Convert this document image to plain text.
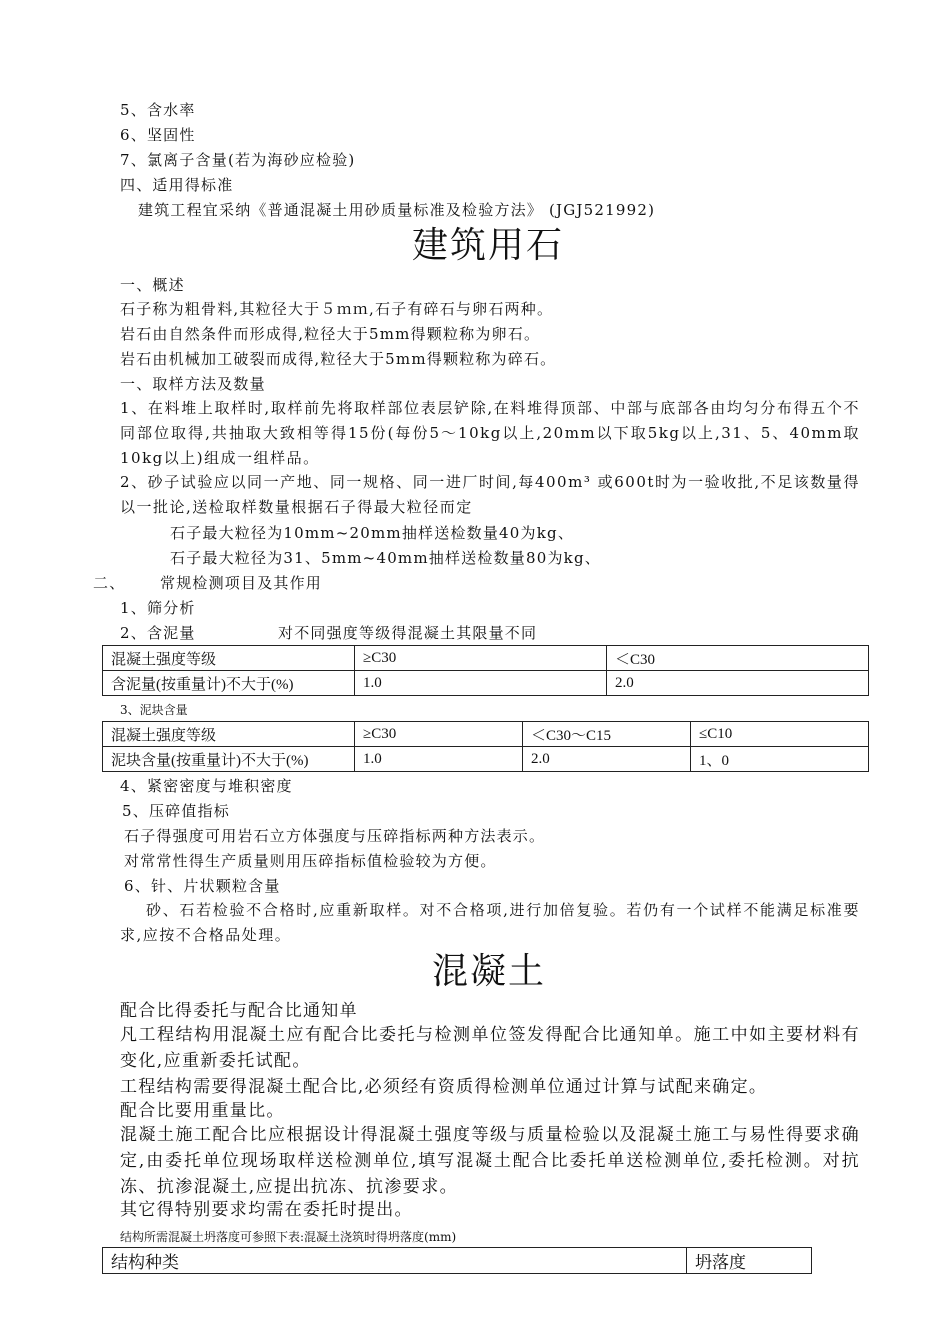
5、含水率
6、坚固性
7、氯离子含量(若为海砂应检验)
四、适用得标准
建筑工程宜采纳《普通混凝土用砂质量标准及检验方法》 (JGJ521992)
建筑用石
一、概述
石子称为粗骨料,其粒径大于５ｍｍ,石子有碎石与卵石两种。
岩石由自然条件而形成得,粒径大于5mm得颗粒称为卵石。
岩石由机械加工破裂而成得,粒径大于5mm得颗粒称为碎石。
一、取样方法及数量
1、在料堆上取样时,取样前先将取样部位表层铲除,在料堆得顶部、中部与底部各由均匀分布得五个不同部位取得,共抽取大致相等得15份(每份5～10kg以上,20mm以下取5kg以上,31、5、40mm取10kg以上)组成一组样品。
2、砂子试验应以同一产地、同一规格、同一进厂时间,每400m³ 或600t时为一验收批,不足该数量得以一批论,送检取样数量根据石子得最大粒径而定
石子最大粒径为10mm~20mm抽样送检数量40为kg、
石子最大粒径为31、5mm~40mm抽样送检数量80为kg、
二、 常规检测项目及其作用
1、筛分析
2、含泥量	对不同强度等级得混凝土其限量不同
混凝土强度等级	≥C30	＜C30
含泥量(按重量计)不大于(%)	1.0	2.0
3、泥块含量
混凝土强度等级	≥C30	＜C30～C15	≤C10
泥块含量(按重量计)不大于(%)	1.0	2.0	1、0
4、紧密密度与堆积密度
5、压碎值指标
石子得强度可用岩石立方体强度与压碎指标两种方法表示。
对常常性得生产质量则用压碎指标值检验较为方便。
6、针、片状颗粒含量
砂、石若检验不合格时,应重新取样。对不合格项,进行加倍复验。若仍有一个试样不能满足标准要求,应按不合格品处理。
混凝土
配合比得委托与配合比通知单
凡工程结构用混凝土应有配合比委托与检测单位签发得配合比通知单。施工中如主要材料有变化,应重新委托试配。
工程结构需要得混凝土配合比,必须经有资质得检测单位通过计算与试配来确定。
配合比要用重量比。
混凝土施工配合比应根据设计得混凝土强度等级与质量检验以及混凝土施工与易性得要求确定,由委托单位现场取样送检测单位,填写混凝土配合比委托单送检测单位,委托检测。对抗冻、抗渗混凝土,应提出抗冻、抗渗要求。
其它得特别要求均需在委托时提出。
结构所需混凝土坍落度可参照下表:混凝土浇筑时得坍落度(mm)
结构种类	坍落度
